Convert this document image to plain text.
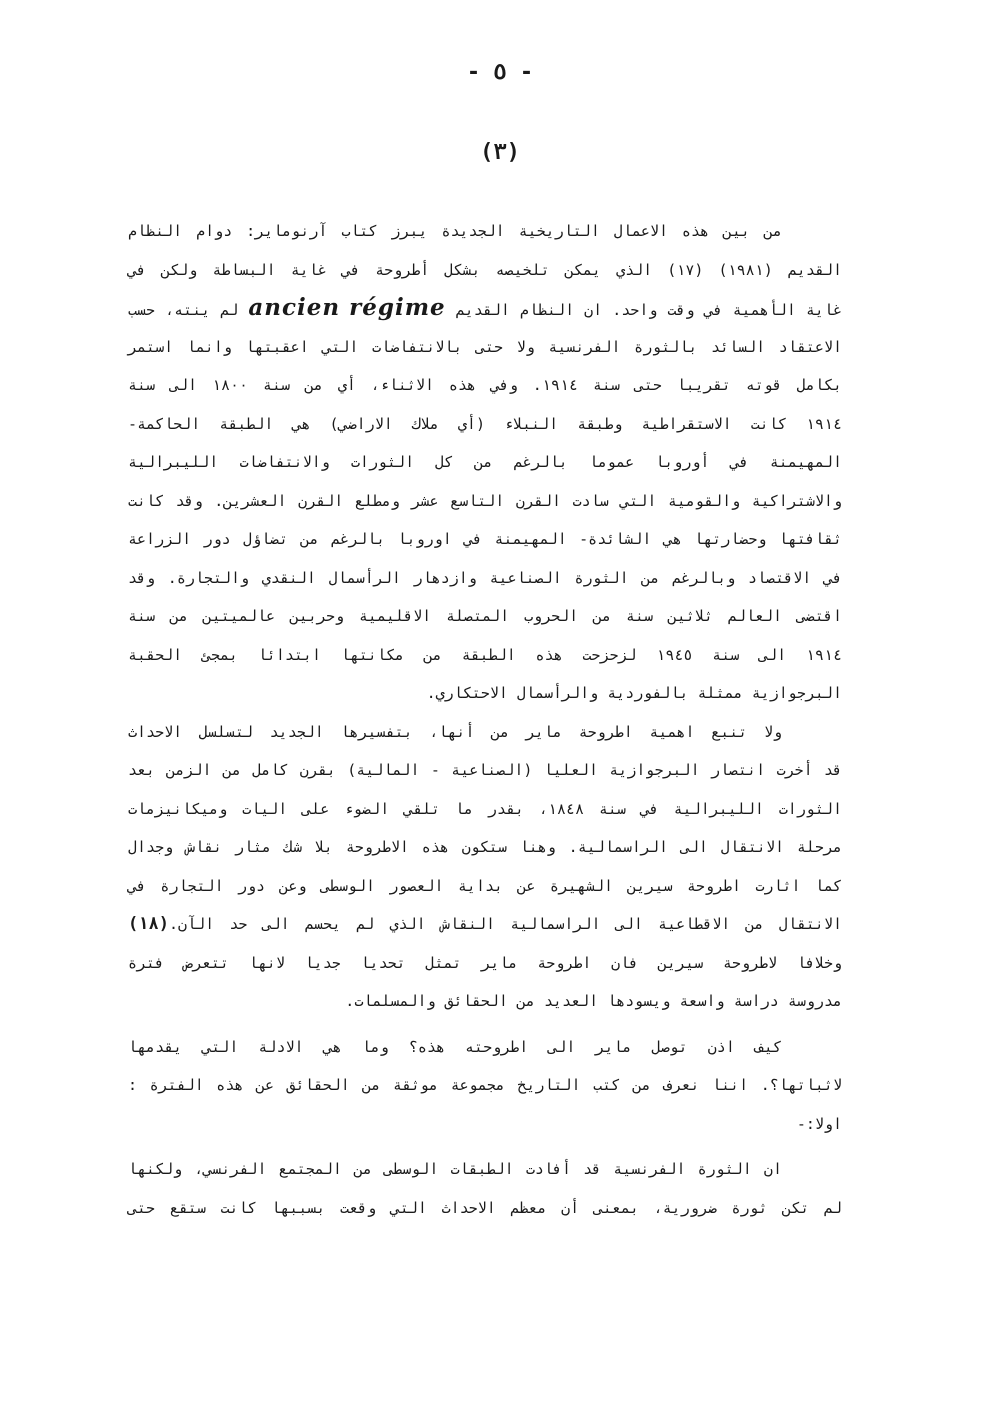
- ٥ -
(٣)
من بين هذه الاعمال التاريخية الجديدة يبرز كتاب آرنوماير: دوام النظام
القديم (١٩٨١) (١٧) الذي يمكن تلخيصه بشكل أطروحة في غاية البساطة ولكن في
غاية الأهمية في وقت واحد. ان النظام القديم ancien régime لم ينته، حسب
الاعتقاد السائد بالثورة الفرنسية ولا حتى بالانتفاضات التي اعقبتها وانما استمر
بكامل قوته تقريبا حتى سنة ١٩١٤. وفي هذه الاثناء، أي من سنة ١٨٠٠ الى سنة
١٩١٤ كانت الاستقراطية وطبقة النبلاء (أي ملاك الاراضي) هي الطبقة الحاكمة-
المهيمنة في أوروبا عموما بالرغم من كل الثورات والانتفاضات الليبرالية
والاشتراكية والقومية التي سادت القرن التاسع عشر ومطلع القرن العشرين. وقد كانت
ثقافتها وحضارتها هي الشائدة- المهيمنة في اوروبا بالرغم من تضاؤل دور الزراعة
في الاقتصاد وبالرغم من الثورة الصناعية وازدهار الرأسمال النقدي والتجارة. وقد
اقتضى العالم ثلاثين سنة من الحروب المتصلة الاقليمية وحربين عالميتين من سنة
١٩١٤ الى سنة ١٩٤٥ لزحزحت هذه الطبقة من مكانتها ابتدائا بمجئ الحقبة
البرجوازية ممثلة بالفوردية والرأسمال الاحتكاري.
ولا تنبع اهمية اطروحة ماير من أنها، بتفسيرها الجديد لتسلسل الاحداث
قد أخرت انتصار البرجوازية العليا (الصناعية - المالية) بقرن كامل من الزمن بعد
الثورات الليبرالية في سنة ١٨٤٨، بقدر ما تلقي الضوء على اليات وميكانيزمات
مرحلة الانتقال الى الراسمالية. وهنا ستكون هذه الاطروحة بلا شك مثار نقاش وجدال
كما اثارت اطروحة سيرين الشهيرة عن بداية العصور الوسطى وعن دور التجارة في
الانتقال من الاقطاعية الى الراسمالية النقاش الذي لم يحسم الى حد الآن.(١٨)
وخلافا لاطروحة سيرين فان اطروحة ماير تمثل تحديا جديا لانها تتعرض فترة
مدروسة دراسة واسعة ويسودها العديد من الحقائق والمسلمات.
كيف اذن توصل ماير الى اطروحته هذه؟ وما هي الادلة التي يقدمها
لاثباتها؟. اننا نعرف من كتب التاريخ مجموعة موثقة من الحقائق عن هذه الفترة :
اولا:-
ان الثورة الفرنسية قد أفادت الطبقات الوسطى من المجتمع الفرنسي، ولكنها
لم تكن ثورة ضرورية، بمعنى أن معظم الاحداث التي وقعت بسببها كانت ستقع حتى
